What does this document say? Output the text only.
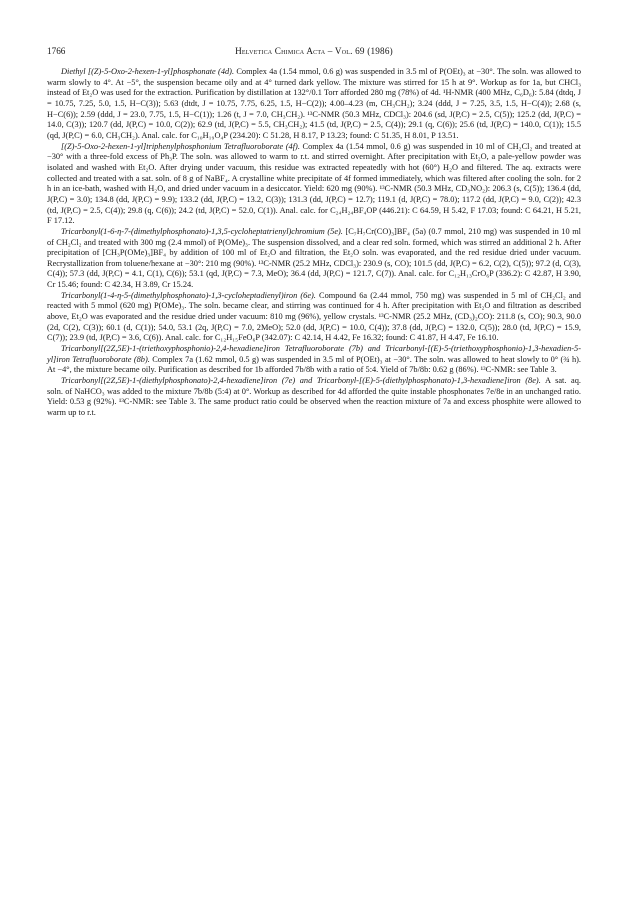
1766	Helvetica Chimica Acta – Vol. 69 (1986)

Diethyl [(Z)-5-Oxo-2-hexen-1-yl]phosphonate (4d). Complex 4a (1.54 mmol, 0.6 g) was suspended in 3.5 ml of P(OEt)₃ at −30°. The soln. was allowed to warm slowly to 4°. At −5°, the suspension became oily and at 4° turned dark yellow. The mixture was stirred for 15 h at 9°. Workup as for 1a, but CHCl₃ instead of Et₂O was used for the extraction. Purification by distillation at 132°/0.1 Torr afforded 280 mg (78%) of 4d. ¹H-NMR (400 MHz, C₆D₆): 5.84 (dtdq, J = 10.75, 7.25, 5.0, 1.5, H−C(3)); 5.63 (dtdt, J = 10.75, 7.75, 6.25, 1.5, H−C(2)); 4.00–4.23 (m, CH₃CH₂); 3.24 (ddd, J = 7.25, 3.5, 1.5, H−C(4)); 2.68 (s, H−C(6)); 2.59 (ddd, J = 23.0, 7.75, 1.5, H−C(1)); 1.26 (t, J = 7.0, CH₃CH₂). ¹³C-NMR (50.3 MHz, CDCl₃): 204.6 (sd, J(P,C) = 2.5, C(5)); 125.2 (dd, J(P,C) = 14.0, C(3)); 120.7 (dd, J(P,C) = 10.0, C(2)); 62.9 (td, J(P,C) = 5.5, CH₃CH₂); 41.5 (td, J(P,C) = 2.5, C(4)); 29.1 (q, C(6)); 25.6 (td, J(P,C) = 140.0, C(1)); 15.5 (qd, J(P,C) = 6.0, CH₃CH₂). Anal. calc. for C₁₀H₁₉O₄P (234.20): C 51.28, H 8.17, P 13.23; found: C 51.35, H 8.01, P 13.51.

[(Z)-5-Oxo-2-hexen-1-yl]triphenylphosphonium Tetrafluoroborate (4f). Complex 4a (1.54 mmol, 0.6 g) was suspended in 10 ml of CH₂Cl₂ and treated at −30° with a three-fold excess of Ph₃P. The soln. was allowed to warm to r.t. and stirred overnight. After precipitation with Et₂O, a pale-yellow powder was isolated and washed with Et₂O. After drying under vacuum, this residue was extracted repeatedly with hot (60°) H₂O and filtered. The aq. extracts were collected and treated with a sat. soln. of 8 g of NaBF₄. A crystalline white precipitate of 4f formed immediately, which was filtered after cooling the soln. for 2 h in an ice-bath, washed with H₂O, and dried under vacuum in a desiccator. Yield: 620 mg (90%). ¹³C-NMR (50.3 MHz, CD₃NO₂): 206.3 (s, C(5)); 136.4 (dd, J(P,C) = 3.0); 134.8 (dd, J(P,C) = 9.9); 133.2 (dd, J(P,C) = 13.2, C(3)); 131.3 (dd, J(P,C) = 12.7); 119.1 (d, J(P,C) = 78.0); 117.2 (dd, J(P,C) = 9.0, C(2)); 42.3 (td, J(P,C) = 2.5, C(4)); 29.8 (q, C(6)); 24.2 (td, J(P,C) = 52.0, C(1)). Anal. calc. for C₂₄H₂₄BF₄OP (446.21): C 64.59, H 5.42, F 17.03; found: C 64.21, H 5.21, F 17.12.

Tricarbonyl(1-6-η-7-(dimethylphosphonato)-1,3,5-cycloheptatrienyl)chromium (5e). [C₇H₇Cr(CO)₃]BF₄ (5a) (0.7 mmol, 210 mg) was suspended in 10 ml of CH₂Cl₂ and treated with 300 mg (2.4 mmol) of P(OMe)₃. The suspension dissolved, and a clear red soln. formed, which was stirred an additional 2 h. After precipitation of [CH₃P(OMe)₃]BF₄ by addition of 100 ml of Et₂O and filtration, the Et₂O soln. was evaporated, and the red residue dried under vacuum. Recrystallization from toluene/hexane at −30°: 210 mg (90%). ¹³C-NMR (25.2 MHz, CDCl₃): 230.9 (s, CO); 101.5 (dd, J(P,C) = 6.2, C(2), C(5)); 97.2 (d, C(3), C(4)); 57.3 (dd, J(P,C) = 4.1, C(1), C(6)); 53.1 (qd, J(P,C) = 7.3, MeO); 36.4 (dd, J(P,C) = 121.7, C(7)). Anal. calc. for C₁₂H₁₃CrO₆P (336.2): C 42.87, H 3.90, Cr 15.46; found: C 42.34, H 3.89, Cr 15.24.

Tricarbonyl(1-4-η-5-(dimethylphosphonato)-1,3-cycloheptadienyl)iron (6e). Compound 6a (2.44 mmol, 750 mg) was suspended in 5 ml of CH₂Cl₂ and reacted with 5 mmol (620 mg) P(OMe)₃. The soln. became clear, and stirring was continued for 4 h. After precipitation with Et₂O and filtration as described above, Et₂O was evaporated and the residue dried under vacuum: 810 mg (96%), yellow crystals. ¹³C-NMR (25.2 MHz, (CD₃)₂CO): 211.8 (s, CO); 90.3, 90.0 (2d, C(2), C(3)); 60.1 (d, C(1)); 54.0, 53.1 (2q, J(P,C) = 7.0, 2MeO); 52.0 (dd, J(P,C) = 10.0, C(4)); 37.8 (dd, J(P,C) = 132.0, C(5)); 28.0 (td, J(P,C) = 15.9, C(7)); 23.9 (td, J(P,C) = 3.6, C(6)). Anal. calc. for C₁₂H₁₅FeO₆P (342.07): C 42.14, H 4.42, Fe 16.32; found: C 41.87, H 4.47, Fe 16.10.

Tricarbonyl[(2Z,5E)-1-(triethoxyphosphonio)-2,4-hexadiene]iron Tetrafluoroborate (7b) and Tricarbonyl-[(E)-5-(triethoxyphosphonio)-1,3-hexadien-5-yl]iron Tetrafluoroborate (8b). Complex 7a (1.62 mmol, 0.5 g) was suspended in 3.5 ml of P(OEt)₃ at −30°. The soln. was allowed to heat slowly to 0° (¾ h). At −4°, the mixture became oily. Purification as described for 1b afforded 7b/8b with a ratio of 5:4. Yield of 7b/8b: 0.62 g (86%). ¹³C-NMR: see Table 3.

Tricarbonyl[(2Z,5E)-1-(diethylphosphonato)-2,4-hexadiene]iron (7e) and Tricarbonyl-[(E)-5-(diethylphosphonato)-1,3-hexadiene]iron (8e). A sat. aq. soln. of NaHCO₃ was added to the mixture 7b/8b (5:4) at 0°. Workup as described for 4d afforded the quite instable phosphonates 7e/8e in an unchanged ratio. Yield: 0.53 g (92%). ¹³C-NMR: see Table 3. The same product ratio could be observed when the reaction mixture of 7a and excess phosphite were allowed to warm up to r.t.
